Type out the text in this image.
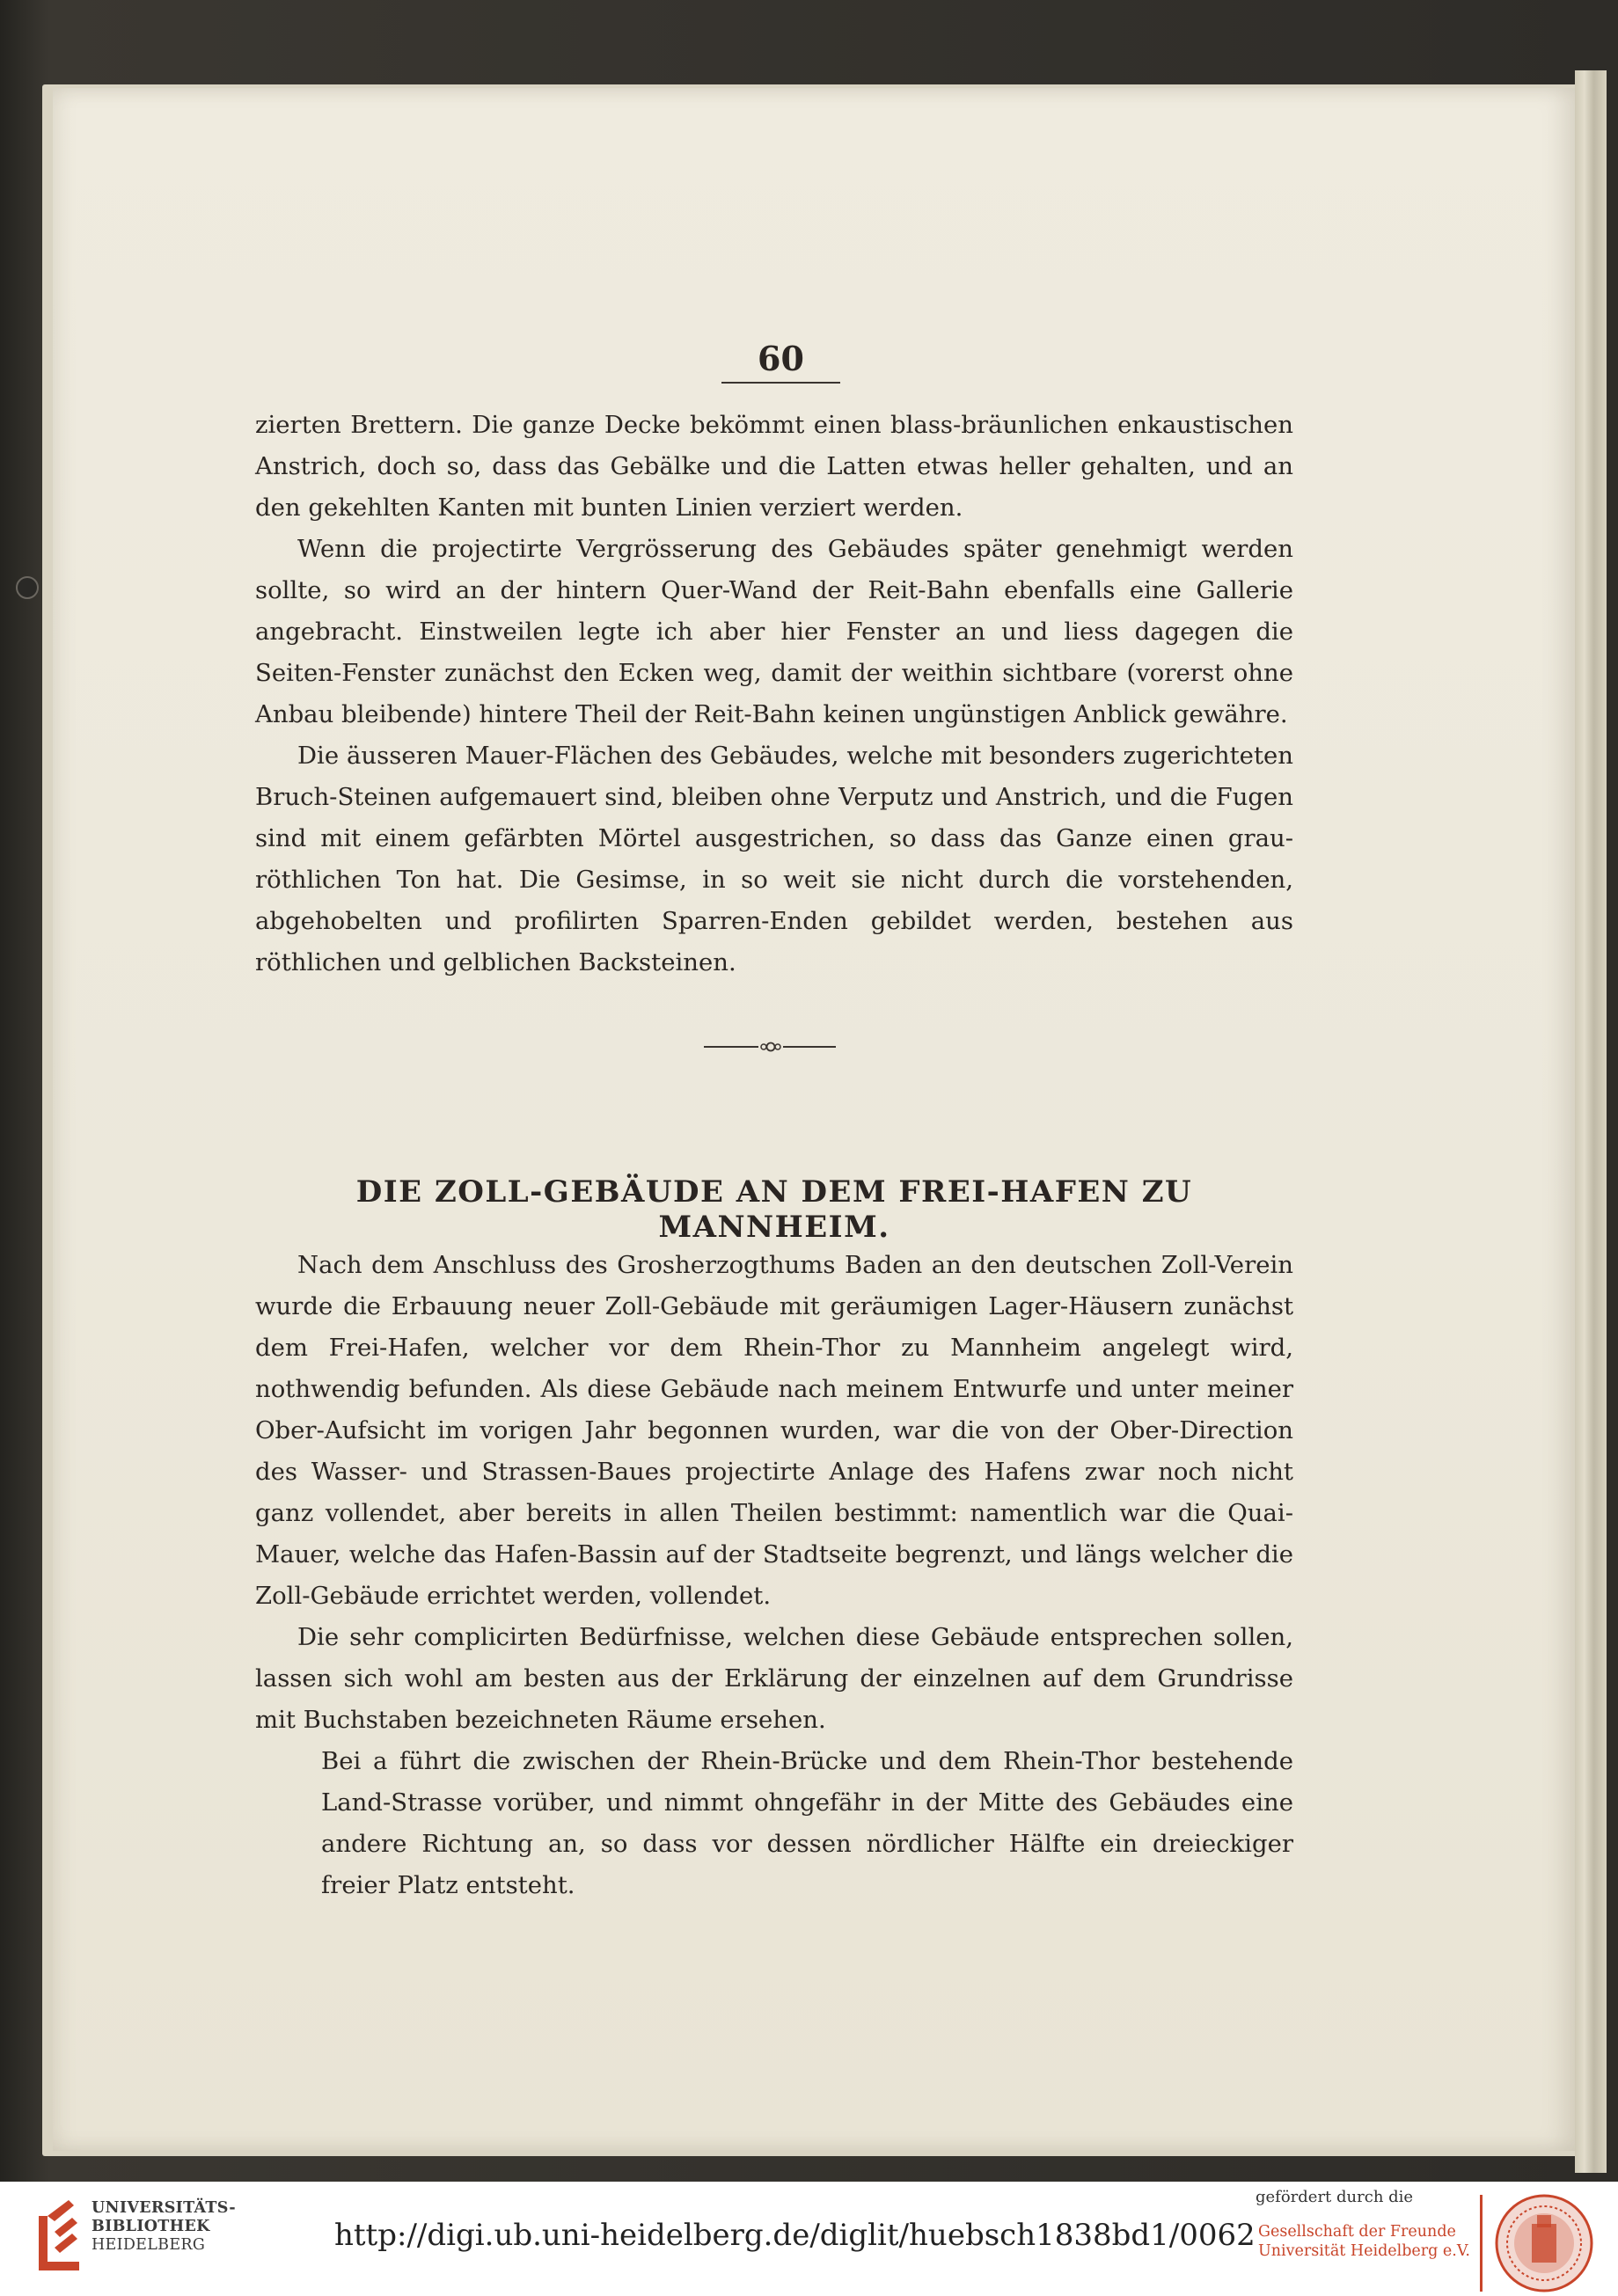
60

zierten Brettern. Die ganze Decke bekömmt einen blass-bräunlichen enkaustischen Anstrich, doch so, dass das Gebälke und die Latten etwas heller gehalten, und an den gekehlten Kanten mit bunten Linien verziert werden.

Wenn die projectirte Vergrösserung des Gebäudes später genehmigt werden sollte, so wird an der hintern Quer-Wand der Reit-Bahn ebenfalls eine Gallerie angebracht. Einstweilen legte ich aber hier Fenster an und liess dagegen die Seiten-Fenster zunächst den Ecken weg, damit der weithin sichtbare (vorerst ohne Anbau bleibende) hintere Theil der Reit-Bahn keinen ungünstigen Anblick gewähre.

Die äusseren Mauer-Flächen des Gebäudes, welche mit besonders zugerichteten Bruch-Steinen aufgemauert sind, bleiben ohne Verputz und Anstrich, und die Fugen sind mit einem gefärbten Mörtel ausgestrichen, so dass das Ganze einen grau-röthlichen Ton hat. Die Gesimse, in so weit sie nicht durch die vorstehenden, abgehobelten und profilirten Sparren-Enden gebildet werden, bestehen aus röthlichen und gelblichen Backsteinen.

DIE ZOLL-GEBÄUDE AN DEM FREI-HAFEN ZU MANNHEIM.

Nach dem Anschluss des Grosherzogthums Baden an den deutschen Zoll-Verein wurde die Erbauung neuer Zoll-Gebäude mit geräumigen Lager-Häusern zunächst dem Frei-Hafen, welcher vor dem Rhein-Thor zu Mannheim angelegt wird, nothwendig befunden. Als diese Gebäude nach meinem Entwurfe und unter meiner Ober-Aufsicht im vorigen Jahr begonnen wurden, war die von der Ober-Direction des Wasser- und Strassen-Baues projectirte Anlage des Hafens zwar noch nicht ganz vollendet, aber bereits in allen Theilen bestimmt: namentlich war die Quai-Mauer, welche das Hafen-Bassin auf der Stadtseite begrenzt, und längs welcher die Zoll-Gebäude errichtet werden, vollendet.

Die sehr complicirten Bedürfnisse, welchen diese Gebäude entsprechen sollen, lassen sich wohl am besten aus der Erklärung der einzelnen auf dem Grundrisse mit Buchstaben bezeichneten Räume ersehen.

Bei a führt die zwischen der Rhein-Brücke und dem Rhein-Thor bestehende Land-Strasse vorüber, und nimmt ohngefähr in der Mitte des Gebäudes eine andere Richtung an, so dass vor dessen nördlicher Hälfte ein dreieckiger freier Platz entsteht.

UNIVERSITÄTS-
BIBLIOTHEK
HEIDELBERG	http://digi.ub.uni-heidelberg.de/diglit/huebsch1838bd1/0062
gefördert durch die
Gesellschaft der Freunde
Universität Heidelberg e.V.
